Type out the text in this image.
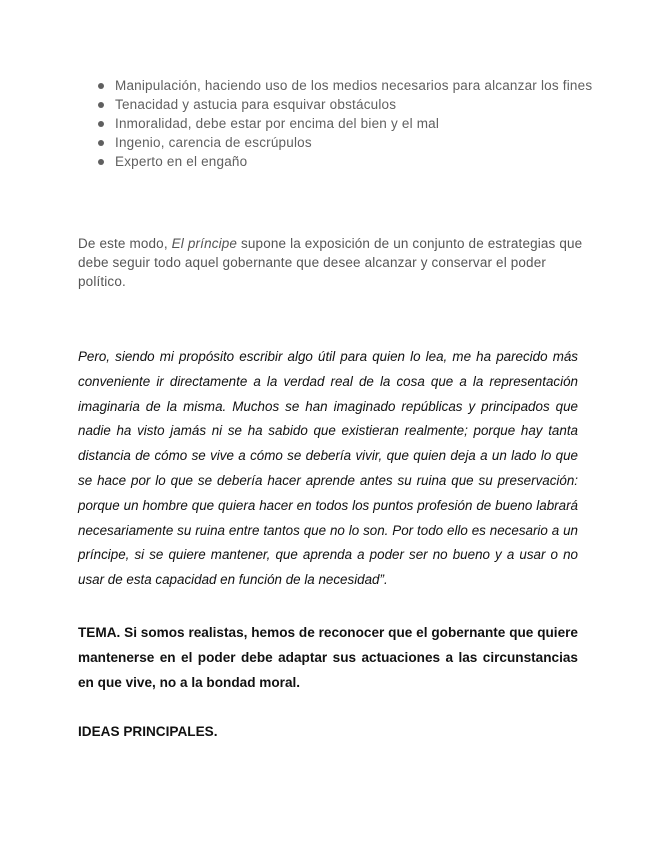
Manipulación, haciendo uso de los medios necesarios para alcanzar los fines
Tenacidad y astucia para esquivar obstáculos
Inmoralidad, debe estar por encima del bien y el mal
Ingenio, carencia de escrúpulos
Experto en el engaño

De este modo, El príncipe supone la exposición de un conjunto de estrategias que debe seguir todo aquel gobernante que desee alcanzar y conservar el poder político.

Pero, siendo mi propósito escribir algo útil para quien lo lea, me ha parecido más conveniente ir directamente a la verdad real de la cosa que a la representación imaginaria de la misma. Muchos se han imaginado repúblicas y principados que nadie ha visto jamás ni se ha sabido que existieran realmente; porque hay tanta distancia de cómo se vive a cómo se debería vivir, que quien deja a un lado lo que se hace por lo que se debería hacer aprende antes su ruina que su preservación: porque un hombre que quiera hacer en todos los puntos profesión de bueno labrará necesariamente su ruina entre tantos que no lo son. Por todo ello es necesario a un príncipe, si se quiere mantener, que aprenda a poder ser no bueno y a usar o no usar de esta capacidad en función de la necesidad”.

TEMA. Si somos realistas, hemos de reconocer que el gobernante que quiere mantenerse en el poder debe adaptar sus actuaciones a las circunstancias en que vive, no a la bondad moral.

IDEAS PRINCIPALES.
